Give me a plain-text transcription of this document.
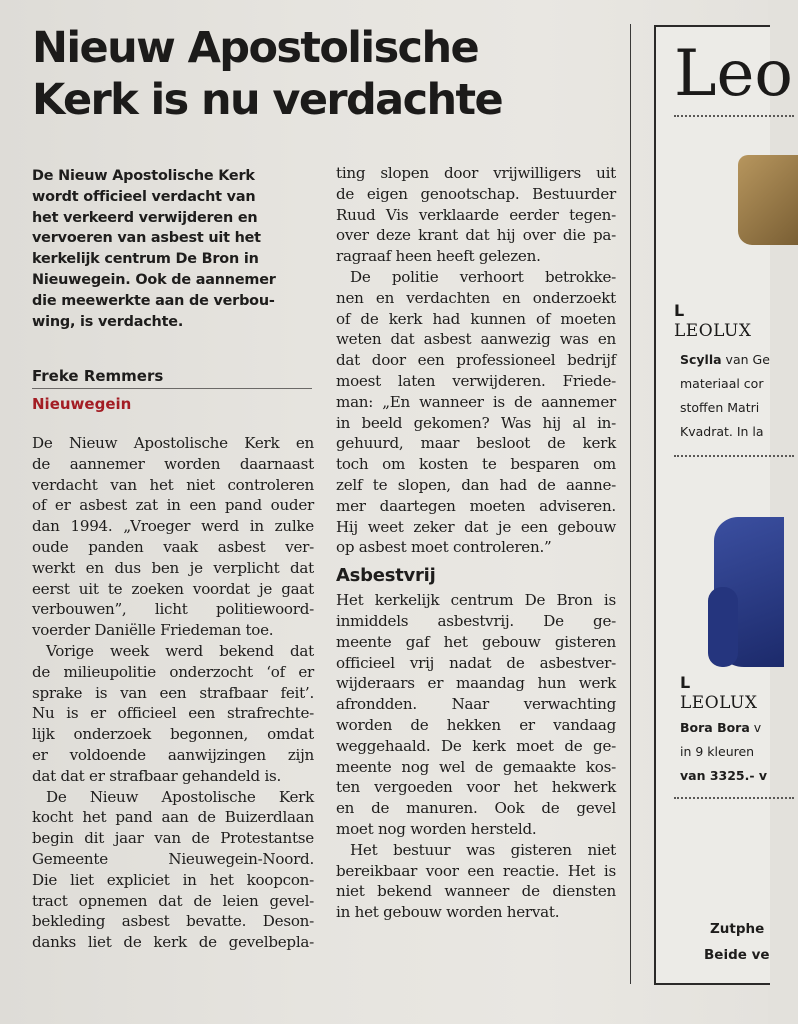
Nieuw Apostolische
Kerk is nu verdachte
De Nieuw Apostolische Kerk
wordt officieel verdacht van
het verkeerd verwijderen en
vervoeren van asbest uit het
kerkelijk centrum De Bron in
Nieuwegein. Ook de aannemer
die meewerkte aan de verbou-
wing, is verdachte.
Freke Remmers
Nieuwegein
De Nieuw Apostolische Kerk en
de aannemer worden daarnaast
verdacht van het niet controleren
of er asbest zat in een pand ouder
dan 1994. „Vroeger werd in zulke
oude panden vaak asbest ver-
werkt en dus ben je verplicht dat
eerst uit te zoeken voordat je gaat
verbouwen”, licht politiewoord-
voerder Daniëlle Friedeman toe.
Vorige week werd bekend dat
de milieupolitie onderzocht ‘of er
sprake is van een strafbaar feit’.
Nu is er officieel een strafrechte-
lijk onderzoek begonnen, omdat
er voldoende aanwijzingen zijn
dat dat er strafbaar gehandeld is.
De Nieuw Apostolische Kerk
kocht het pand aan de Buizerdlaan
begin dit jaar van de Protestantse
Gemeente Nieuwegein-Noord.
Die liet expliciet in het koopcon-
tract opnemen dat de leien gevel-
bekleding asbest bevatte. Deson-
danks liet de kerk de gevelbepla-
ting slopen door vrijwilligers uit
de eigen genootschap. Bestuurder
Ruud Vis verklaarde eerder tegen-
over deze krant dat hij over die pa-
ragraaf heen heeft gelezen.
De politie verhoort betrokke-
nen en verdachten en onderzoekt
of de kerk had kunnen of moeten
weten dat asbest aanwezig was en
dat door een professioneel bedrijf
moest laten verwijderen. Friede-
man: „En wanneer is de aannemer
in beeld gekomen? Was hij al in-
gehuurd, maar besloot de kerk
toch om kosten te besparen om
zelf te slopen, dan had de aanne-
mer daartegen moeten adviseren.
Hij weet zeker dat je een gebouw
op asbest moet controleren.”
Asbestvrij
Het kerkelijk centrum De Bron is
inmiddels asbestvrij. De ge-
meente gaf het gebouw gisteren
officieel vrij nadat de asbestver-
wijderaars er maandag hun werk
afrondden. Naar verwachting
worden de hekken er vandaag
weggehaald. De kerk moet de ge-
meente nog wel de gemaakte kos-
ten vergoeden voor het hekwerk
en de manuren. Ook de gevel
moet nog worden hersteld.
Het bestuur was gisteren niet
bereikbaar voor een reactie. Het is
niet bekend wanneer de diensten
in het gebouw worden hervat.
Leo
L
LEOLUX
Scylla van Ge
materiaal cor
stoffen Matri
Kvadrat. In la
L
LEOLUX
Bora Bora v
in 9 kleuren
van 3325.- v
Zutphe
Beide ve
